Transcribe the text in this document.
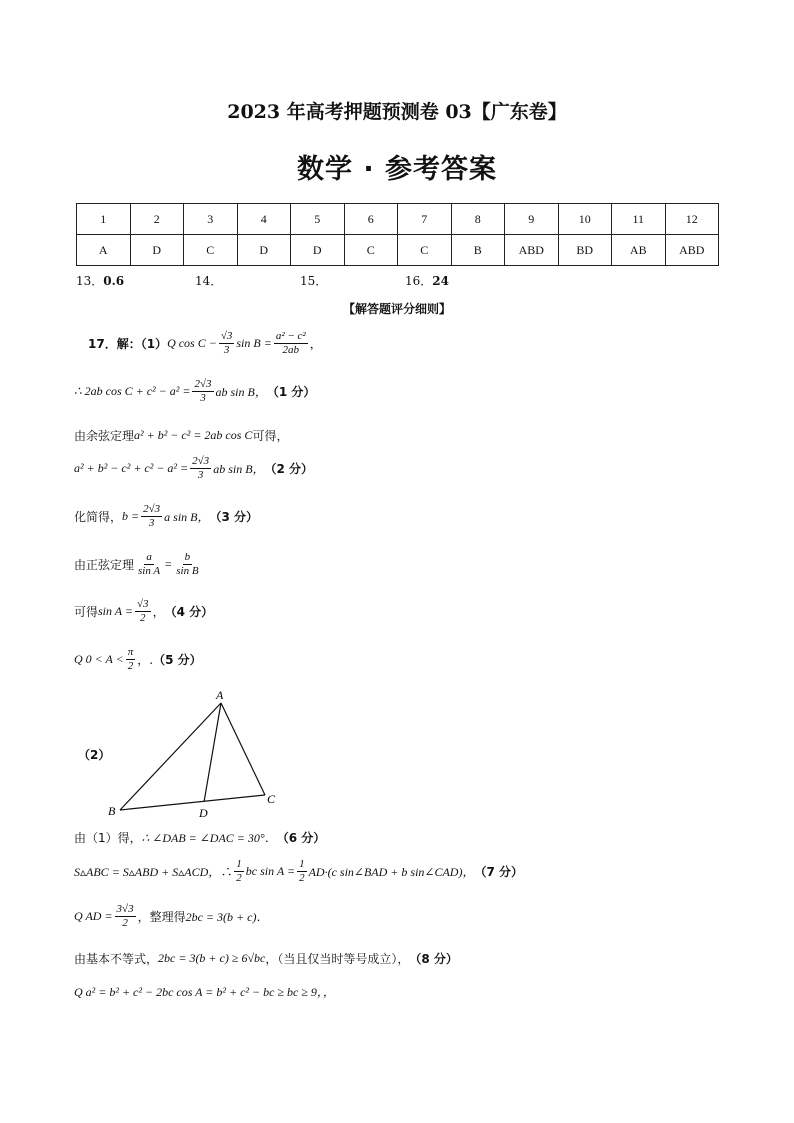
2023 年高考押题预测卷 03【广东卷】
数学 · 参考答案
1	2	3	4	5	6	7	8	9	10	11	12
A	D	C	D	D	C	C	B	ABD	BD	AB	ABD
13．0.6	14．	15．	16．24
【解答题评分细则】
17．解：（1） Q $\cos C - \frac{√3}{3}$ $\sin B = \frac{\text{a² − c²}}{2ab}$ ，
∴ 2ab $\cos C + c^2 - a^2 = \frac{2√3}{3}$ ab sin B， （1 分）
由余弦定理 a² + b² − c² = 2ab cos C 可得，
$a^2 + b^2 - c^2 + c^2 - a^2 = \frac{2√3}{3}$ ab sin B， （2 分）
化简得， $b = \frac{2√3}{3}$ a sin B， （3 分）
由正弦定理 $\frac{a}{\text{sin A}} = \frac{b}{\text{sin B}}$
可得 $\sin A = \frac{√3}{2}$ ， （4 分）
Q $0 < A < \frac{\pi}{2}$ ，. （5 分）
（2）
A
B
C
D
由（1）得， ∴ ∠DAB = ∠DAC = 30°． （6 分）
S▵ABC = S▵ABD + S▵ACD，∴ $\frac{1}{2}$ bc $\sin A = \frac{1}{2} AD\cdot(c$ sin∠BAD + b sin∠CAD)， （7 分）
Q AD = $\frac{3√3}{2}$ ，整理得 2bc = 3(b + c)．
由基本不等式， 2bc = 3(b + c) ≥ 6√bc ，（当且仅当时等号成立）， （8 分）
Q a² = b² + c² − 2bc cos A = b² + c² − bc ≥ bc ≥ 9，，
